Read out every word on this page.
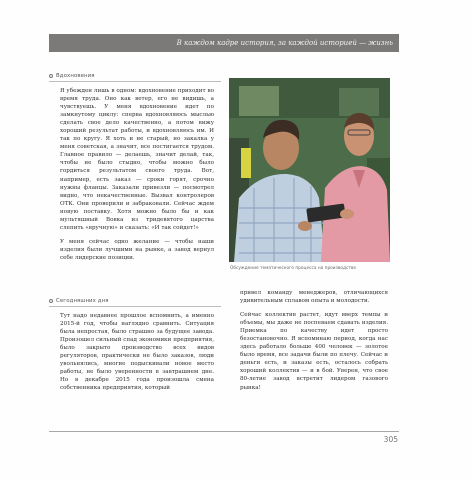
В каждом кадре история, за каждой историей — жизнь
Вдохновения

Я убежден лишь в одном: вдохновение приходит во время труда. Оно как ветер, его не видишь, а чувствуешь. У меня вдохновение идет по замкнутому циклу: сперва вдохновляюсь мыслью сделать свое дело качественно, а потом вижу хороший результат работы, и вдохновляюсь им. И так по кругу. Я хоть и не старый, но закалка у меня советская, а значит, все постигается трудом. Главное правило — делаешь, значит делай, так, чтобы не было стыдно, чтобы можно было гордиться результатом своего труда. Вот, например, есть заказ — сроки горят, срочно нужны фланцы. Заказали привезли — посмотрел видно, что некачественные. Вызвал контролеров ОТК. Они проверили и забраковали. Сейчас ждем новую поставку. Хотя можно было бы и как мультяшный Вовка из тридевятого царства слепить «вручную» и сказать: «И так сойдет!»

У меня сейчас одно желание — чтобы наши изделия были лучшими на рынке, а завод вернул себе лидерские позиции.

Обсуждение тематического процесса на производстве
Сегодняшних дня

Тут надо недавнее прошлое вспомнить, а именно 2015-й год, чтобы наглядно сравнить. Ситуация была непростая, было страшно за будущее завода. Произошел сильный спад экономики предприятия, было закрыто производство всех видов регуляторов, практически не было заказов, люди увольнялись, многие подыскивали новое место работы, не было уверенности в завтрашнем дне. Но в декабре 2015 года произошла смена собственника предприятия, который

привел команду менеджеров, отличающихся удивительным сплавом опыта и молодости.

Сейчас коллектив растет, идут вверх темпы и объемы, мы даже не поспеваем сдавать изделия. Приемка по качеству идет просто безостановочно. Я вспоминаю период, когда нас здесь работало больше 400 человек — золотое было время, все задачи были по плечу. Сейчас и деньги есть, и заказы есть, осталось собрать хороший коллектив — и в бой. Уверен, что свое 80-летие завод встретит лидером газового рынка!

305
